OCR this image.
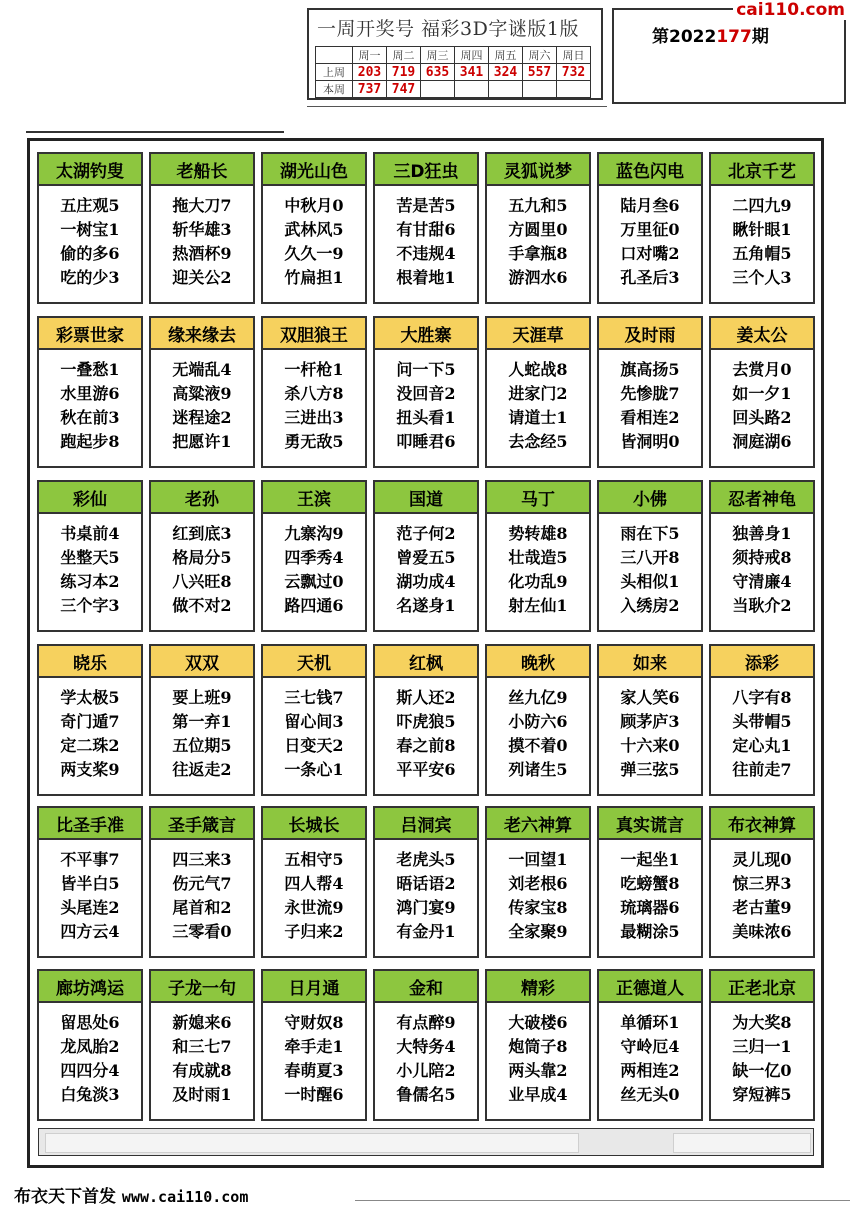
一周开奖号 福彩3D字谜版1版
	周一	周二	周三	周四	周五	周六	周日
上周	203	719	635	341	324	557	732
本周	737	747					
第2022177期
cai110.com
太湖钓叟
五庄观5
一树宝1
偷的多6
吃的少3
老船长
拖大刀7
斩华雄3
热酒杯9
迎关公2
湖光山色
中秋月0
武林风5
久久一9
竹扁担1
三D狂虫
苦是苦5
有甘甜6
不违规4
根着地1
灵狐说梦
五九和5
方圆里0
手拿瓶8
游泗水6
蓝色闪电
陆月叁6
万里征0
口对嘴2
孔圣后3
北京千艺
二四九9
瞅针眼1
五角帽5
三个人3
彩票世家
一叠愁1
水里游6
秋在前3
跑起步8
缘来缘去
无端乱4
高粱液9
迷程途2
把愿许1
双胆狼王
一杆枪1
杀八方8
三进出3
勇无敌5
大胜寨
问一下5
没回音2
扭头看1
叩睡君6
天涯草
人蛇战8
进家门2
请道士1
去念经5
及时雨
旗高扬5
先惨胧7
看相连2
皆洞明0
姜太公
去赏月0
如一夕1
回头路2
洞庭湖6
彩仙
书桌前4
坐整天5
练习本2
三个字3
老孙
红到底3
格局分5
八兴旺8
做不对2
王滨
九寨沟9
四季秀4
云飘过0
路四通6
国道
范子何2
曾爱五5
湖功成4
名遂身1
马丁
势转雄8
壮哉造5
化功乱9
射左仙1
小佛
雨在下5
三八开8
头相似1
入绣房2
忍者神龟
独善身1
须持戒8
守清廉4
当耿介2
晓乐
学太极5
奇门遁7
定二珠2
两支桨9
双双
要上班9
第一弃1
五位期5
往返走2
天机
三七钱7
留心间3
日变天2
一条心1
红枫
斯人还2
吓虎狼5
春之前8
平平安6
晚秋
丝九亿9
小防六6
摸不着0
列诸生5
如来
家人笑6
顾茅庐3
十六来0
弹三弦5
添彩
八字有8
头带帽5
定心丸1
往前走7
比圣手准
不平事7
皆半白5
头尾连2
四方云4
圣手箴言
四三来3
伤元气7
尾首和2
三零看0
长城长
五相守5
四人帮4
永世流9
子归来2
吕洞宾
老虎头5
晤话语2
鸿门宴9
有金丹1
老六神算
一回望1
刘老根6
传家宝8
全家聚9
真实谎言
一起坐1
吃螃蟹8
琉璃器6
最糊涂5
布衣神算
灵儿现0
惊三界3
老古董9
美味浓6
廊坊鸿运
留思处6
龙凤胎2
四四分4
白兔淡3
子龙一句
新媳来6
和三七7
有成就8
及时雨1
日月通
守财奴8
牵手走1
春萌夏3
一时醒6
金和
有点醉9
大特务4
小儿陪2
鲁儒名5
精彩
大破楼6
炮筒子8
两头靠2
业早成4
正德道人
单循环1
守岭厄4
两相连2
丝无头0
正老北京
为大奖8
三归一1
缺一亿0
穿短裤5
布衣天下首发 www.cai110.com
